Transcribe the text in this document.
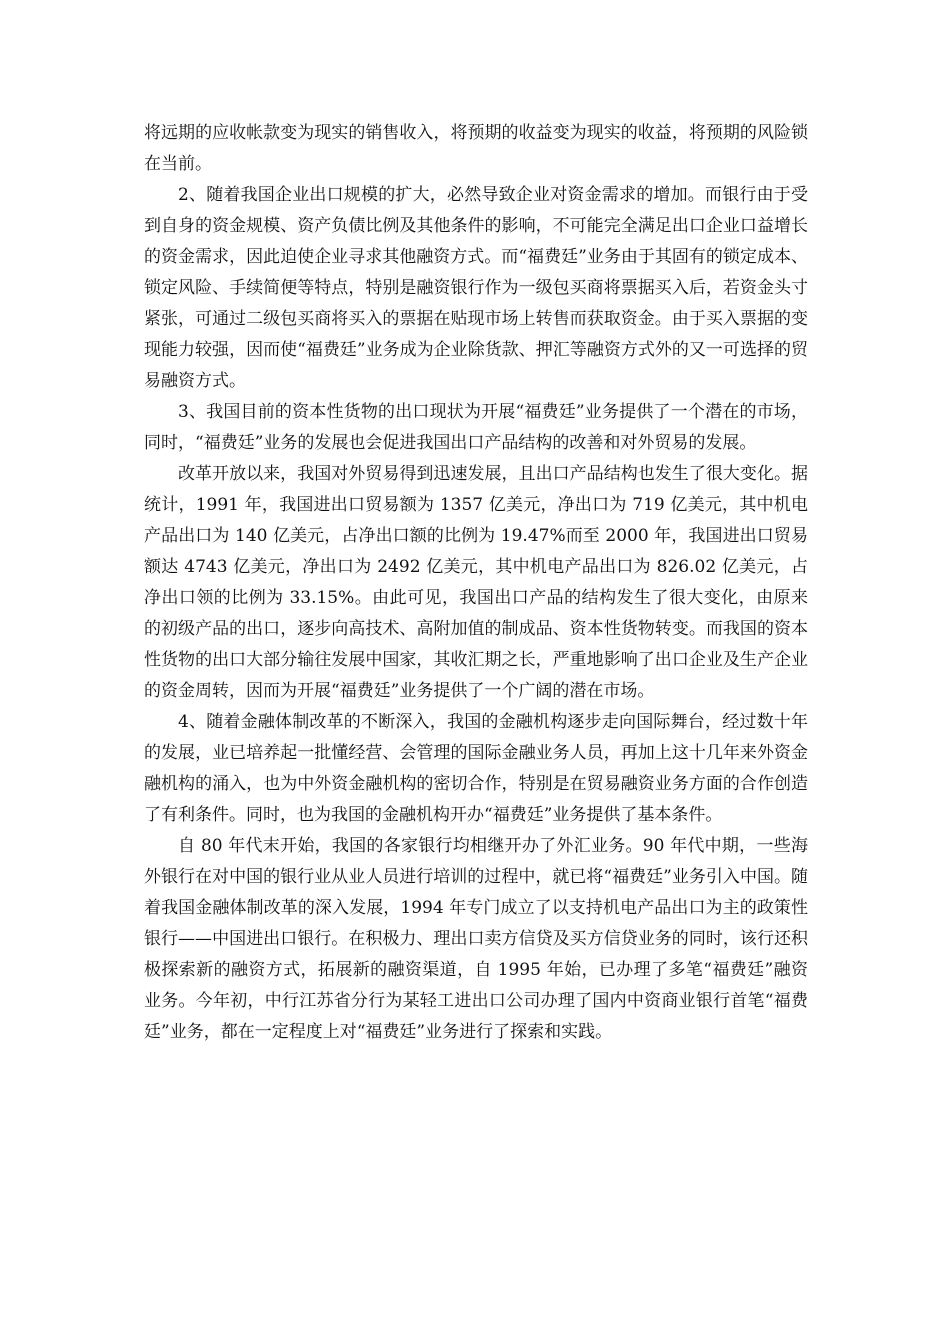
将远期的应收帐款变为现实的销售收入，将预期的收益变为现实的收益，将预期的风险锁在当前。

2、随着我国企业出口规模的扩大，必然导致企业对资金需求的增加。而银行由于受到自身的资金规模、资产负债比例及其他条件的影响，不可能完全满足出口企业口益增长的资金需求，因此迫使企业寻求其他融资方式。而“福费廷”业务由于其固有的锁定成本、锁定风险、手续简便等特点，特别是融资银行作为一级包买商将票据买入后，若资金头寸紧张，可通过二级包买商将买入的票据在贴现市场上转售而获取资金。由于买入票据的变现能力较强，因而使“福费廷”业务成为企业除货款、押汇等融资方式外的又一可选择的贸易融资方式。

3、我国目前的资本性货物的出口现状为开展“福费廷”业务提供了一个潜在的市场，同时，“福费廷”业务的发展也会促进我国出口产品结构的改善和对外贸易的发展。

改革开放以来，我国对外贸易得到迅速发展，且出口产品结构也发生了很大变化。据统计，1991 年，我国进出口贸易额为 1357 亿美元，净出口为 719 亿美元，其中机电产品出口为 140 亿美元，占净出口额的比例为 19.47%而至 2000 年，我国进出口贸易额达 4743 亿美元，净出口为 2492 亿美元，其中机电产品出口为 826.02 亿美元，占净出口领的比例为 33.15%。由此可见，我国出口产品的结构发生了很大变化，由原来的初级产品的出口，逐步向高技术、高附加值的制成品、资本性货物转变。而我国的资本性货物的出口大部分输往发展中国家，其收汇期之长，严重地影响了出口企业及生产企业的资金周转，因而为开展“福费廷”业务提供了一个广阔的潜在市场。

4、随着金融体制改革的不断深入，我国的金融机构逐步走向国际舞台，经过数十年的发展，业已培养起一批懂经营、会管理的国际金融业务人员，再加上这十几年来外资金融机构的涌入，也为中外资金融机构的密切合作，特别是在贸易融资业务方面的合作创造了有利条件。同时，也为我国的金融机构开办“福费廷”业务提供了基本条件。

自 80 年代末开始，我国的各家银行均相继开办了外汇业务。90 年代中期，一些海外银行在对中国的银行业从业人员进行培训的过程中，就已将“福费廷”业务引入中国。随着我国金融体制改革的深入发展，1994 年专门成立了以支持机电产品出口为主的政策性银行——中国进出口银行。在积极力、理出口卖方信贷及买方信贷业务的同时，该行还积极探索新的融资方式，拓展新的融资渠道，自 1995 年始，已办理了多笔“福费廷”融资业务。今年初，中行江苏省分行为某轻工进出口公司办理了国内中资商业银行首笔“福费廷”业务，都在一定程度上对“福费廷”业务进行了探索和实践。
